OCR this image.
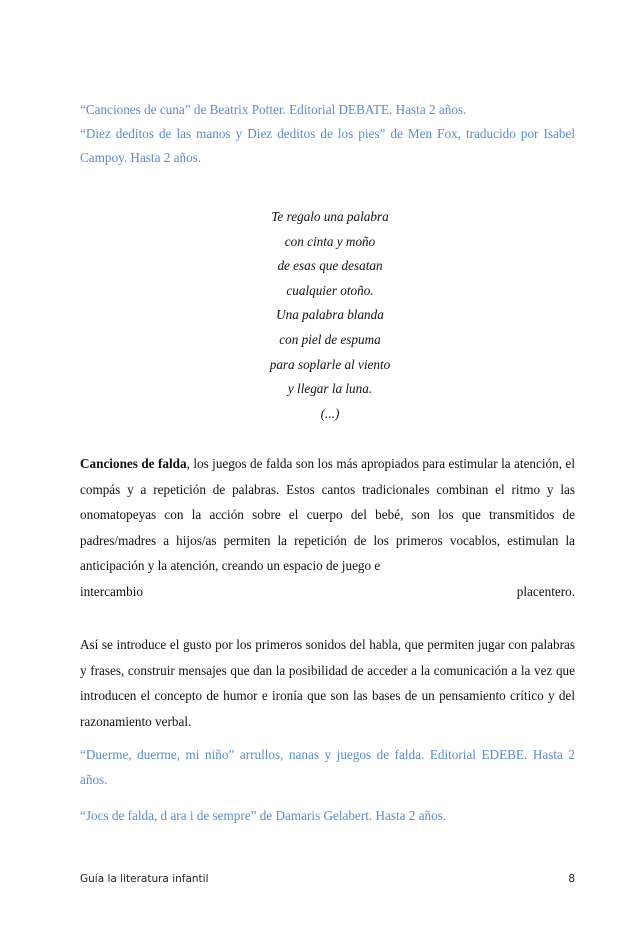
“Canciones de cuna” de Beatrix Potter. Editorial DEBATE. Hasta 2 años.

“Diez deditos de las manos y Diez deditos de los pies” de Men Fox, traducido por Isabel Campoy. Hasta 2 años.

Te regalo una palabra
con cinta y moño
de esas que desatan
cualquier otoño.
Una palabra blanda
con piel de espuma
para soplarle al viento
y llegar la luna.
(...)
Canciones de falda, los juegos de falda son los más apropiados para estimular la atención, el compás y a repetición de palabras. Estos cantos tradicionales combinan el ritmo y las onomatopeyas con la acción sobre el cuerpo del bebé, son los que transmitidos de padres/madres a hijos/as permiten la repetición de los primeros vocablos, estimulan la anticipación y la atención, creando un espacio de juego e
intercambio	placentero.

Así se introduce el gusto por los primeros sonidos del habla, que permiten jugar con palabras y frases, construir mensajes que dan la posibilidad de acceder a la comunicación a la vez que introducen el concepto de humor e ironía que son las bases de un pensamiento crítico y del razonamiento verbal.

“Duerme, duerme, mi niño” arrullos, nanas y juegos de falda. Editorial EDEBE. Hasta 2 años.

“Jocs de falda, d ara i de sempre” de Damaris Gelabert. Hasta 2 años.

Guía la literatura infantil	8
